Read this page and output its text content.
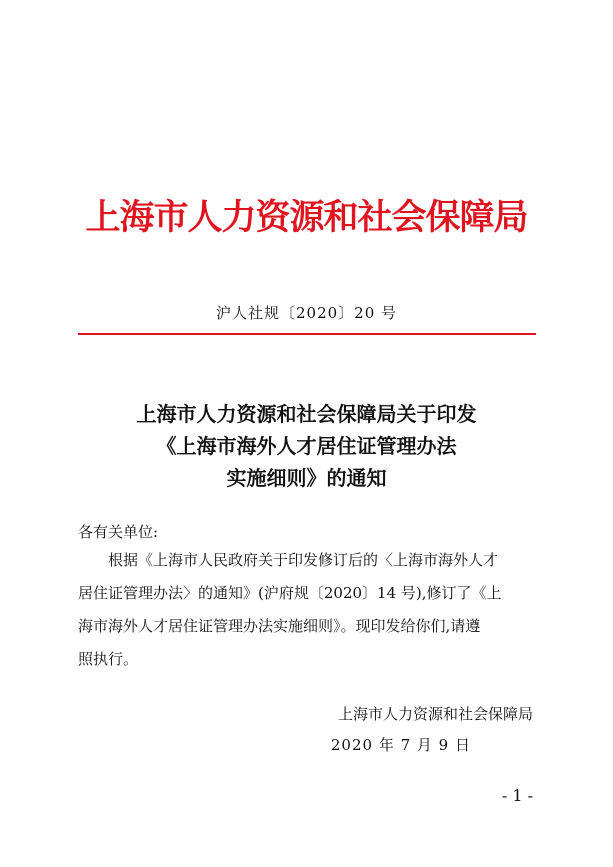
上海市人力资源和社会保障局
沪人社规〔2020〕20 号
上海市人力资源和社会保障局关于印发
《上海市海外人才居住证管理办法
实施细则》的通知
各有关单位:
根据《上海市人民政府关于印发修订后的〈上海市海外人才
居住证管理办法〉的通知》(沪府规〔2020〕14 号),修订了《上
海市海外人才居住证管理办法实施细则》。现印发给你们,请遵
照执行。
上海市人力资源和社会保障局
2020 年 7 月 9 日
- 1 -
